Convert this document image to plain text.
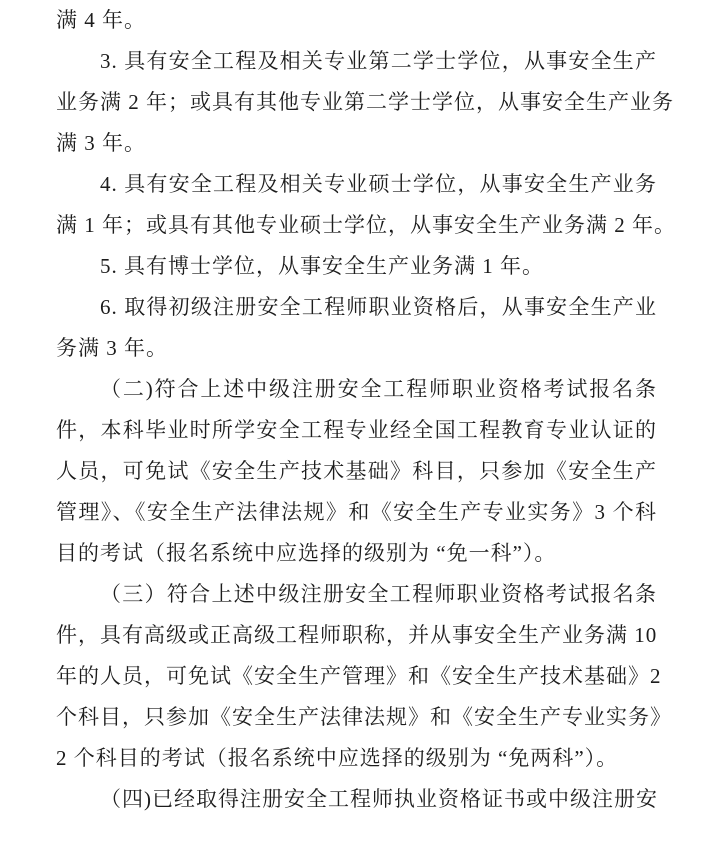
满 4 年。
3. 具有安全工程及相关专业第二学士学位，从事安全生产
业务满 2 年；或具有其他专业第二学士学位，从事安全生产业务
满 3 年。
4. 具有安全工程及相关专业硕士学位，从事安全生产业务
满 1 年；或具有其他专业硕士学位，从事安全生产业务满 2 年。
5. 具有博士学位，从事安全生产业务满 1 年。
6. 取得初级注册安全工程师职业资格后，从事安全生产业
务满 3 年。
（二)符合上述中级注册安全工程师职业资格考试报名条
件，本科毕业时所学安全工程专业经全国工程教育专业认证的
人员，可免试《安全生产技术基础》科目，只参加《安全生产
管理》、《安全生产法律法规》和《安全生产专业实务》3 个科
目的考试（报名系统中应选择的级别为 “免一科”）。
（三）符合上述中级注册安全工程师职业资格考试报名条
件，具有高级或正高级工程师职称，并从事安全生产业务满 10
年的人员，可免试《安全生产管理》和《安全生产技术基础》2
个科目，只参加《安全生产法律法规》和《安全生产专业实务》
2 个科目的考试（报名系统中应选择的级别为 “免两科”）。
（四)已经取得注册安全工程师执业资格证书或中级注册安
